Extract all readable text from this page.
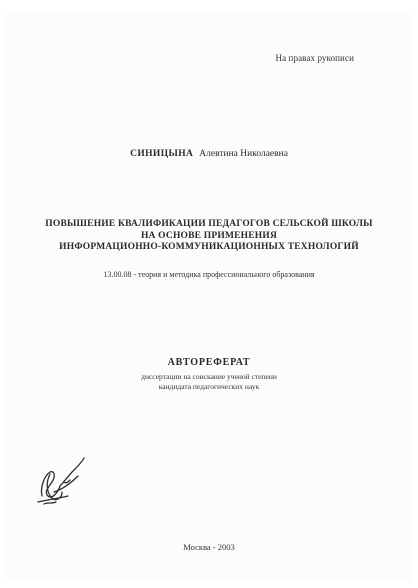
На правах рукописи
СИНИЦЫНА Алевтина Николаевна
ПОВЫШЕНИЕ КВАЛИФИКАЦИИ ПЕДАГОГОВ СЕЛЬСКОЙ ШКОЛЫ
НА ОСНОВЕ ПРИМЕНЕНИЯ
ИНФОРМАЦИОННО-КОММУНИКАЦИОННЫХ ТЕХНОЛОГИЙ
13.00.08 - теория и методика профессионального образования
АВТОРЕФЕРАТ
диссертации на соискание ученой степени
кандидата педагогических наук
Москва - 2003
